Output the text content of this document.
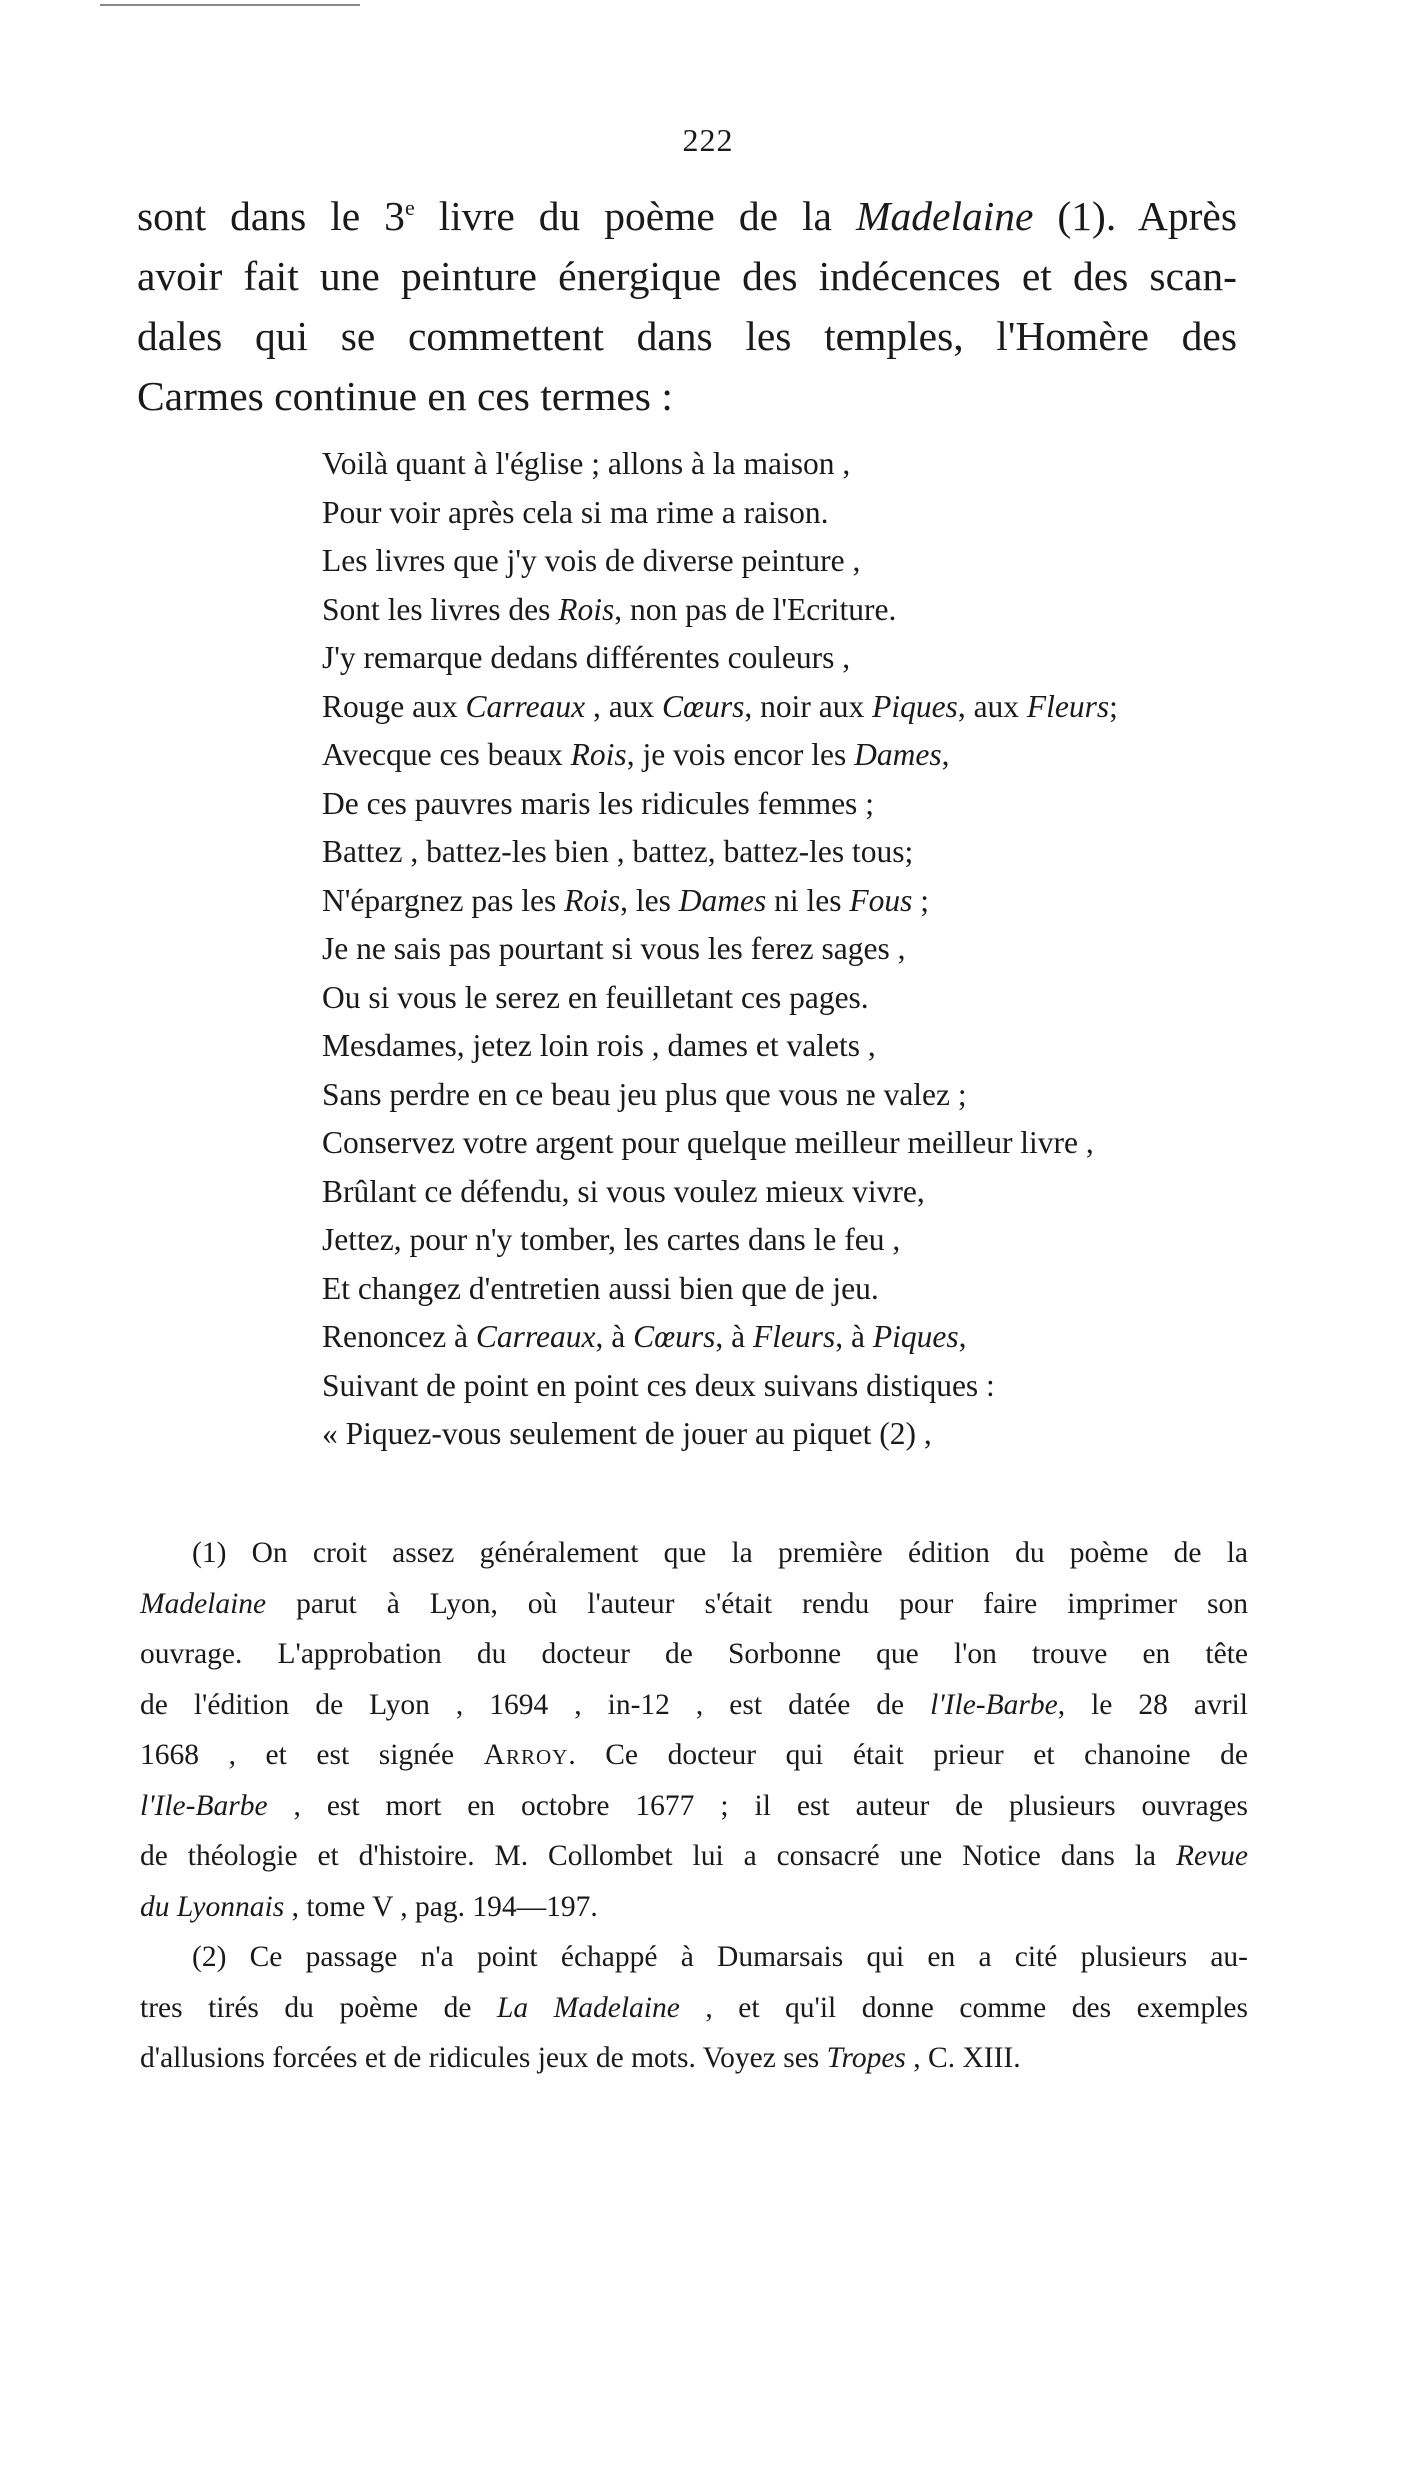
222
sont dans le 3e livre du poème de la Madelaine (1). Après
avoir fait une peinture énergique des indécences et des scan-
dales qui se commettent dans les temples, l'Homère des
Carmes continue en ces termes :
Voilà quant à l'église ; allons à la maison ,
Pour voir après cela si ma rime a raison.
Les livres que j'y vois de diverse peinture ,
Sont les livres des Rois, non pas de l'Ecriture.
J'y remarque dedans différentes couleurs ,
Rouge aux Carreaux , aux Cœurs, noir aux Piques, aux Fleurs;
Avecque ces beaux Rois, je vois encor les Dames,
De ces pauvres maris les ridicules femmes ;
Battez , battez-les bien , battez, battez-les tous;
N'épargnez pas les Rois, les Dames ni les Fous ;
Je ne sais pas pourtant si vous les ferez sages ,
Ou si vous le serez en feuilletant ces pages.
Mesdames, jetez loin rois , dames et valets ,
Sans perdre en ce beau jeu plus que vous ne valez ;
Conservez votre argent pour quelque meilleur meilleur livre ,
Brûlant ce défendu, si vous voulez mieux vivre,
Jettez, pour n'y tomber, les cartes dans le feu ,
Et changez d'entretien aussi bien que de jeu.
Renoncez à Carreaux, à Cœurs, à Fleurs, à Piques,
Suivant de point en point ces deux suivans distiques :
« Piquez-vous seulement de jouer au piquet (2) ,
(1) On croit assez généralement que la première édition du poème de la
Madelaine parut à Lyon, où l'auteur s'était rendu pour faire imprimer son
ouvrage. L'approbation du docteur de Sorbonne que l'on trouve en tête
de l'édition de Lyon , 1694 , in-12 , est datée de l'Ile-Barbe, le 28 avril
1668 , et est signée Arroy. Ce docteur qui était prieur et chanoine de
l'Ile-Barbe , est mort en octobre 1677 ; il est auteur de plusieurs ouvrages
de théologie et d'histoire. M. Collombet lui a consacré une Notice dans la Revue
du Lyonnais , tome V , pag. 194—197.
(2) Ce passage n'a point échappé à Dumarsais qui en a cité plusieurs au-
tres tirés du poème de La Madelaine , et qu'il donne comme des exemples
d'allusions forcées et de ridicules jeux de mots. Voyez ses Tropes , C. XIII.
